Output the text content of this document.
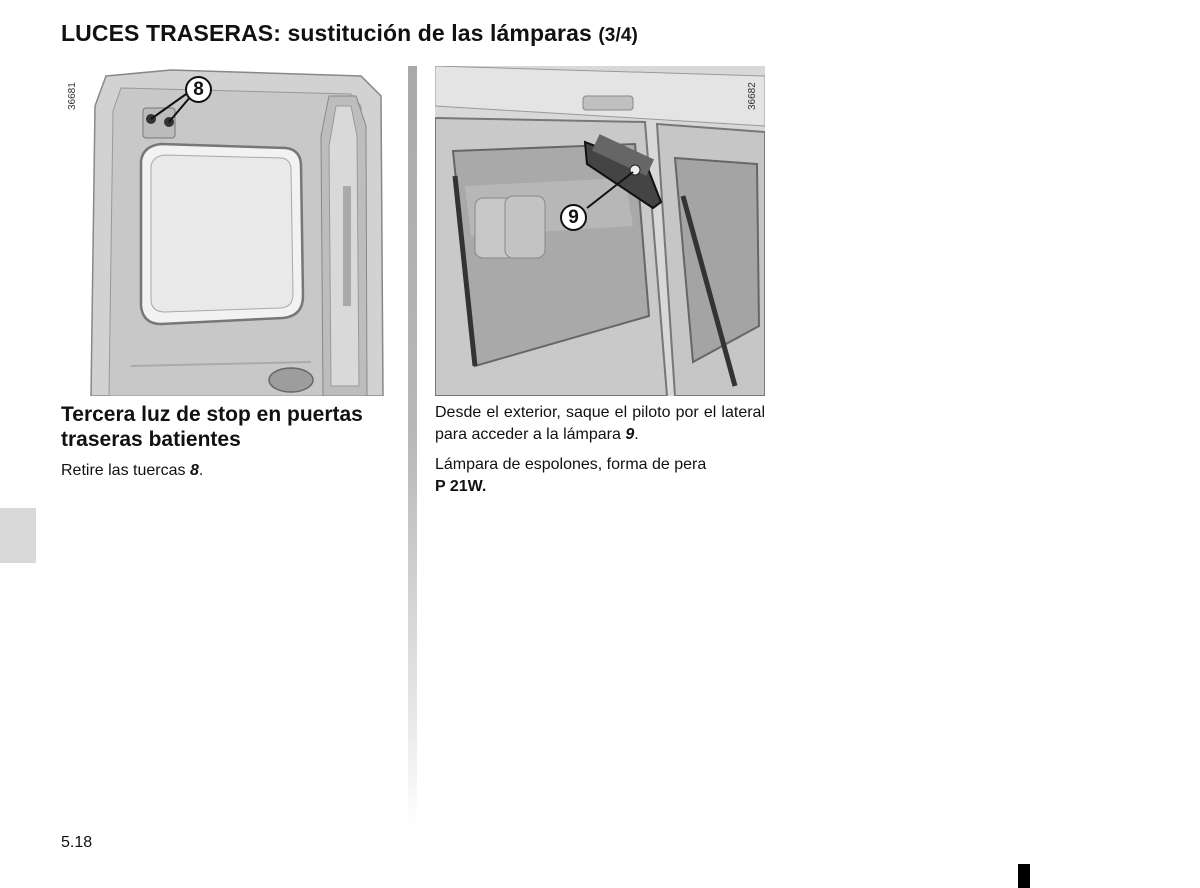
LUCES TRASERAS: sustitución de las lámparas (3/4)
36681	8	36682
9
Tercera luz de stop en puertas traseras batientes

Retire las tuercas 8.

Desde el exterior, saque el piloto por el lateral para acceder a la lámpara 9.

Lámpara de espolones, forma de pera
P 21W.

5.18
